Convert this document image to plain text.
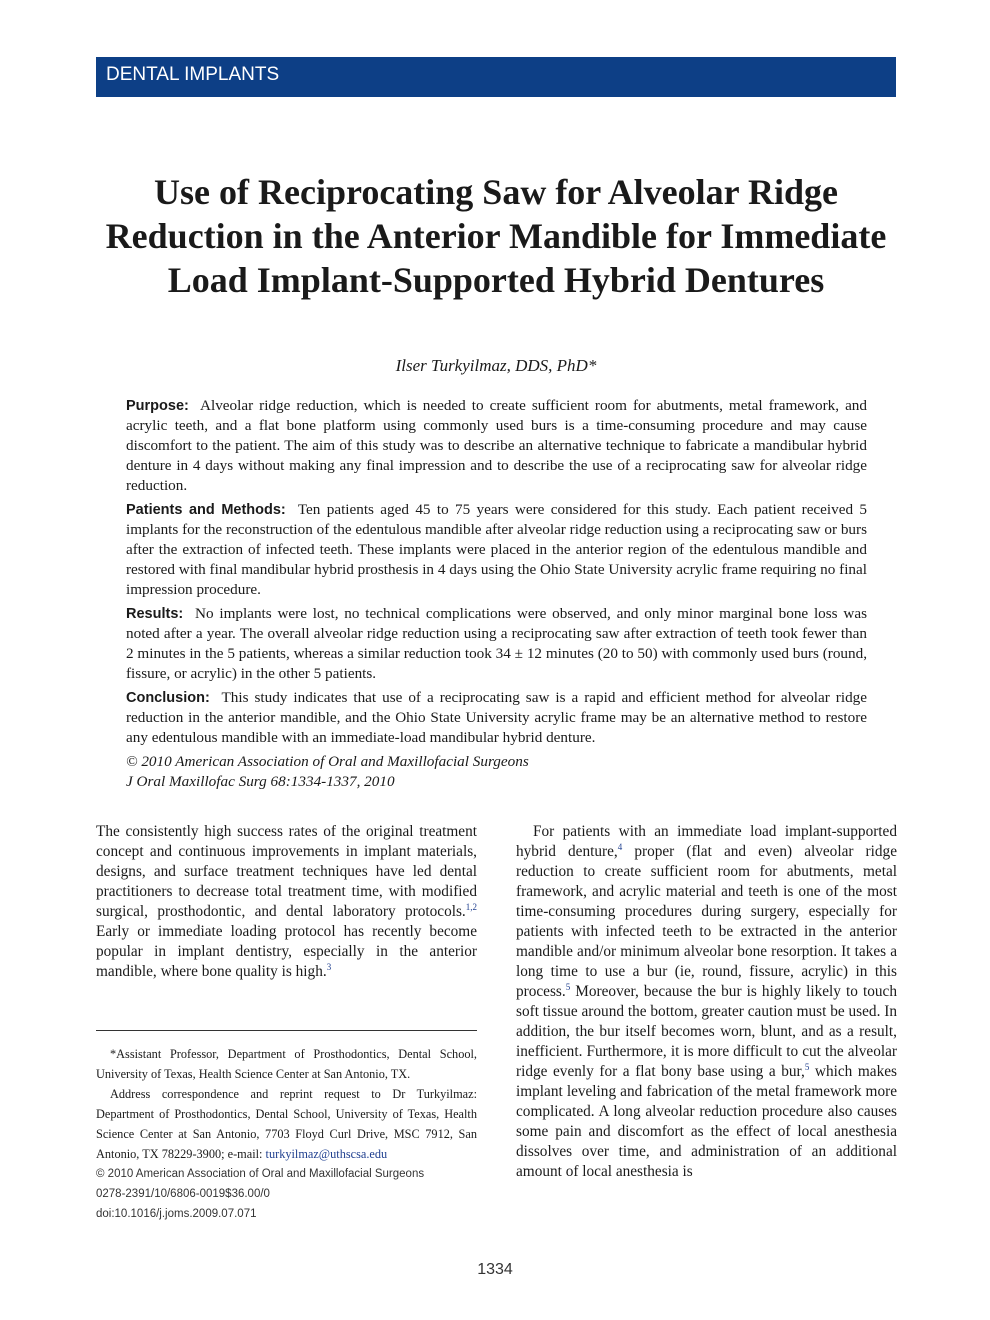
DENTAL IMPLANTS
Use of Reciprocating Saw for Alveolar Ridge Reduction in the Anterior Mandible for Immediate Load Implant-Supported Hybrid Dentures
Ilser Turkyilmaz, DDS, PhD*

Purpose: Alveolar ridge reduction, which is needed to create sufficient room for abutments, metal framework, and acrylic teeth, and a flat bone platform using commonly used burs is a time-consuming procedure and may cause discomfort to the patient. The aim of this study was to describe an alternative technique to fabricate a mandibular hybrid denture in 4 days without making any final impression and to describe the use of a reciprocating saw for alveolar ridge reduction.

Patients and Methods: Ten patients aged 45 to 75 years were considered for this study. Each patient received 5 implants for the reconstruction of the edentulous mandible after alveolar ridge reduction using a reciprocating saw or burs after the extraction of infected teeth. These implants were placed in the anterior region of the edentulous mandible and restored with final mandibular hybrid prosthesis in 4 days using the Ohio State University acrylic frame requiring no final impression procedure.

Results: No implants were lost, no technical complications were observed, and only minor marginal bone loss was noted after a year. The overall alveolar ridge reduction using a reciprocating saw after extraction of teeth took fewer than 2 minutes in the 5 patients, whereas a similar reduction took 34 ± 12 minutes (20 to 50) with commonly used burs (round, fissure, or acrylic) in the other 5 patients.

Conclusion: This study indicates that use of a reciprocating saw is a rapid and efficient method for alveolar ridge reduction in the anterior mandible, and the Ohio State University acrylic frame may be an alternative method to restore any edentulous mandible with an immediate-load mandibular hybrid denture.

© 2010 American Association of Oral and Maxillofacial Surgeons

J Oral Maxillofac Surg 68:1334-1337, 2010

The consistently high success rates of the original treatment concept and continuous improvements in implant materials, designs, and surface treatment techniques have led dental practitioners to decrease total treatment time, with modified surgical, prosthodontic, and dental laboratory protocols.$^{1,2}$ Early or immediate loading protocol has recently become popular in implant dentistry, especially in the anterior mandible, where bone quality is high.$^3$

*Assistant Professor, Department of Prosthodontics, Dental School, University of Texas, Health Science Center at San Antonio, TX.

Address correspondence and reprint request to Dr Turkyilmaz: Department of Prosthodontics, Dental School, University of Texas, Health Science Center at San Antonio, 7703 Floyd Curl Drive, MSC 7912, San Antonio, TX 78229-3900; e-mail: turkyilmaz@uthscsa.edu

© 2010 American Association of Oral and Maxillofacial Surgeons

0278-2391/10/6806-0019$36.00/0

doi:10.1016/j.joms.2009.07.071

For patients with an immediate load implant-supported hybrid denture,$^4$ proper (flat and even) alveolar ridge reduction to create sufficient room for abutments, metal framework, and acrylic material and teeth is one of the most time-consuming procedures during surgery, especially for patients with infected teeth to be extracted in the anterior mandible and/or minimum alveolar bone resorption. It takes a long time to use a bur (ie, round, fissure, acrylic) in this process.$^5$ Moreover, because the bur is highly likely to touch soft tissue around the bottom, greater caution must be used. In addition, the bur itself becomes worn, blunt, and as a result, inefficient. Furthermore, it is more difficult to cut the alveolar ridge evenly for a flat bony base using a bur,$^5$ which makes implant leveling and fabrication of the metal framework more complicated. A long alveolar reduction procedure also causes some pain and discomfort as the effect of local anesthesia dissolves over time, and administration of an additional amount of local anesthesia is

1334
